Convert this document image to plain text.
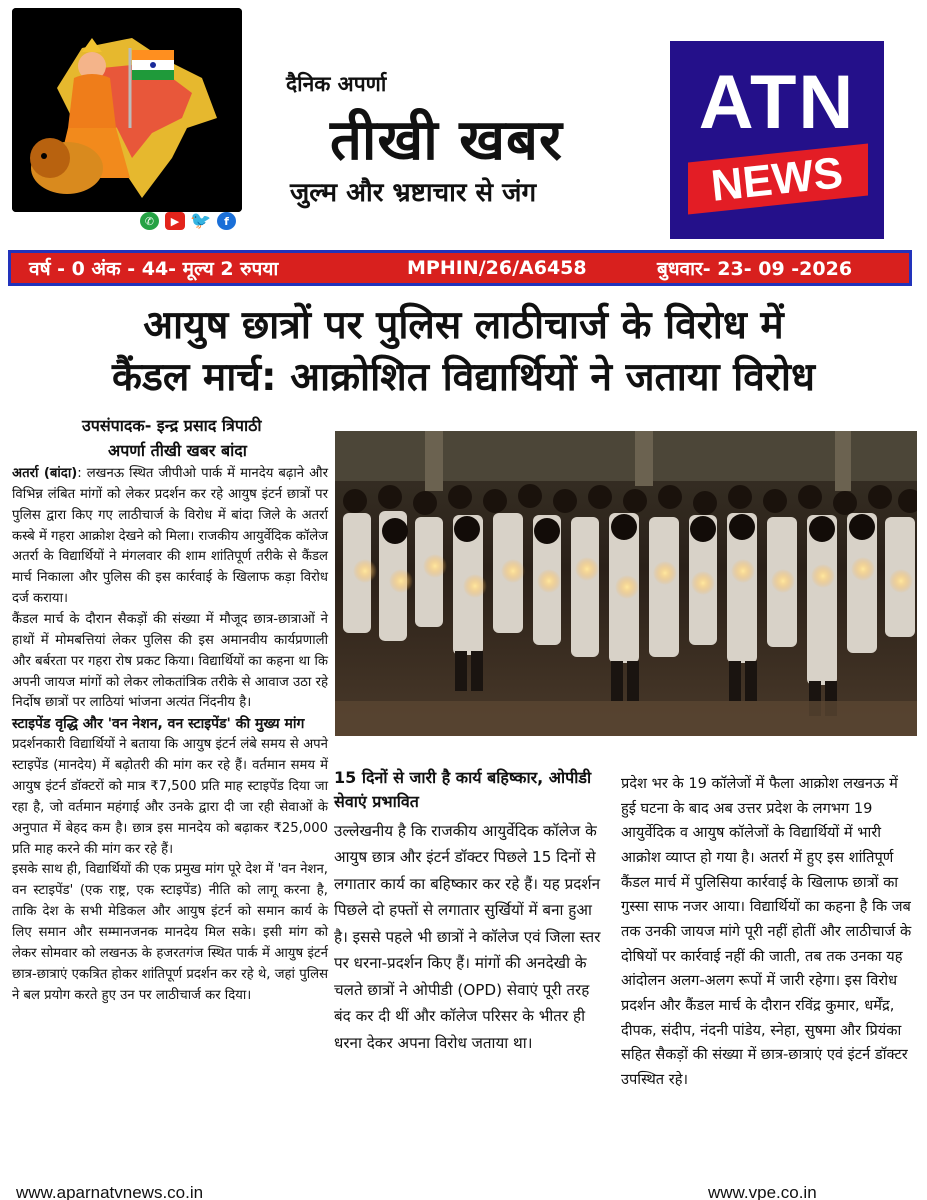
✆	▶ 🐦	f
दैनिक अपर्णा
तीखी खबर
जुल्म और भ्रष्टाचार से जंग
ATN
NEWS
वर्ष - 0 अंक - 44- मूल्य 2 रुपया	MPHIN/26/A6458	बुधवार- 23- 09 -2026
आयुष छात्रों पर पुलिस लाठीचार्ज के विरोध में
कैंडल मार्च: आक्रोशित विद्यार्थियों ने जताया विरोध
उपसंपादक- इन्द्र प्रसाद त्रिपाठी
अपर्णा तीखी खबर बांदा

अतर्रा (बांदा): लखनऊ स्थित जीपीओ पार्क में मानदेय बढ़ाने और विभिन्न लंबित मांगों को लेकर प्रदर्शन कर रहे आयुष इंटर्न छात्रों पर पुलिस द्वारा किए गए लाठीचार्ज के विरोध में बांदा जिले के अतर्रा कस्बे में गहरा आक्रोश देखने को मिला। राजकीय आयुर्वेदिक कॉलेज अतर्रा के विद्यार्थियों ने मंगलवार की शाम शांतिपूर्ण तरीके से कैंडल मार्च निकाला और पुलिस की इस कार्रवाई के खिलाफ कड़ा विरोध दर्ज कराया।

कैंडल मार्च के दौरान सैकड़ों की संख्या में मौजूद छात्र-छात्राओं ने हाथों में मोमबत्तियां लेकर पुलिस की इस अमानवीय कार्यप्रणाली और बर्बरता पर गहरा रोष प्रकट किया। विद्यार्थियों का कहना था कि अपनी जायज मांगों को लेकर लोकतांत्रिक तरीके से आवाज उठा रहे निर्दोष छात्रों पर लाठियां भांजना अत्यंत निंदनीय है।

स्टाइपेंड वृद्धि और 'वन नेशन, वन स्टाइपेंड' की मुख्य मांग

प्रदर्शनकारी विद्यार्थियों ने बताया कि आयुष इंटर्न लंबे समय से अपने स्टाइपेंड (मानदेय) में बढ़ोतरी की मांग कर रहे हैं। वर्तमान समय में आयुष इंटर्न डॉक्टरों को मात्र ₹7,500 प्रति माह स्टाइपेंड दिया जा रहा है, जो वर्तमान महंगाई और उनके द्वारा दी जा रही सेवाओं के अनुपात में बेहद कम है। छात्र इस मानदेय को बढ़ाकर ₹25,000 प्रति माह करने की मांग कर रहे हैं।

इसके साथ ही, विद्यार्थियों की एक प्रमुख मांग पूरे देश में 'वन नेशन, वन स्टाइपेंड' (एक राष्ट्र, एक स्टाइपेंड) नीति को लागू करना है, ताकि देश के सभी मेडिकल और आयुष इंटर्न को समान कार्य के लिए समान और सम्मानजनक मानदेय मिल सके। इसी मांग को लेकर सोमवार को लखनऊ के हजरतगंज स्थित पार्क में आयुष इंटर्न छात्र-छात्राएं एकत्रित होकर शांतिपूर्ण प्रदर्शन कर रहे थे, जहां पुलिस ने बल प्रयोग करते हुए उन पर लाठीचार्ज कर दिया।

15 दिनों से जारी है कार्य बहिष्कार, ओपीडी सेवाएं प्रभावित

उल्लेखनीय है कि राजकीय आयुर्वेदिक कॉलेज के आयुष छात्र और इंटर्न डॉक्टर पिछले 15 दिनों से लगातार कार्य का बहिष्कार कर रहे हैं। यह प्रदर्शन पिछले दो हफ्तों से लगातार सुर्खियों में बना हुआ है। इससे पहले भी छात्रों ने कॉलेज एवं जिला स्तर पर धरना-प्रदर्शन किए हैं। मांगों की अनदेखी के चलते छात्रों ने ओपीडी (OPD) सेवाएं पूरी तरह बंद कर दी थीं और कॉलेज परिसर के भीतर ही धरना देकर अपना विरोध जताया था।

प्रदेश भर के 19 कॉलेजों में फैला आक्रोश लखनऊ में हुई घटना के बाद अब उत्तर प्रदेश के लगभग 19 आयुर्वेदिक व आयुष कॉलेजों के विद्यार्थियों में भारी आक्रोश व्याप्त हो गया है। अतर्रा में हुए इस शांतिपूर्ण कैंडल मार्च में पुलिसिया कार्रवाई के खिलाफ छात्रों का गुस्सा साफ नजर आया। विद्यार्थियों का कहना है कि जब तक उनकी जायज मांगे पूरी नहीं होतीं और लाठीचार्ज के दोषियों पर कार्रवाई नहीं की जाती, तब तक उनका यह आंदोलन अलग-अलग रूपों में जारी रहेगा। इस विरोध प्रदर्शन और कैंडल मार्च के दौरान रविंद्र कुमार, धर्मेंद्र, दीपक, संदीप, नंदनी पांडेय, स्नेहा, सुषमा और प्रियंका सहित सैकड़ों की संख्या में छात्र-छात्राएं एवं इंटर्न डॉक्टर उपस्थित रहे।

www.aparnatvnews.co.in	www.vpe.co.in
